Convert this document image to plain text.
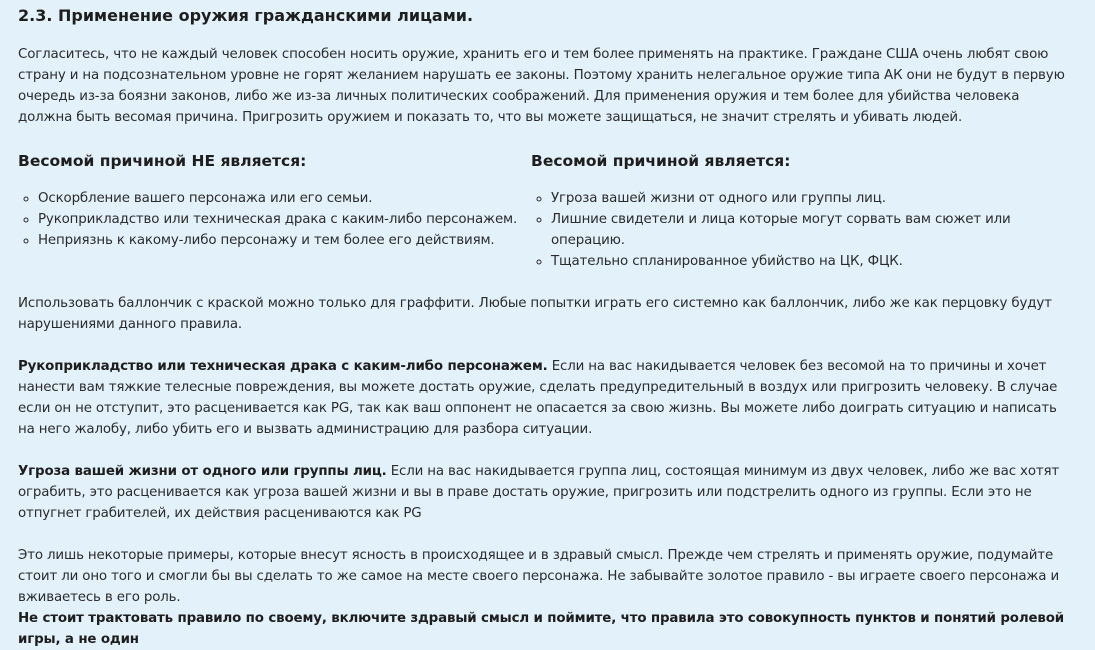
2.3. Применение оружия гражданскими лицами.

Согласитесь, что не каждый человек способен носить оружие, хранить его и тем более применять на практике. Граждане США очень любят свою страну и на подсознательном уровне не горят желанием нарушать ее законы. Поэтому хранить нелегальное оружие типа АК они не будут в первую очередь из-за боязни законов, либо же из-за личных политических соображений. Для применения оружия и тем более для убийства человека должна быть весомая причина. Пригрозить оружием и показать то, что вы можете защищаться, не значит стрелять и убивать людей.

Весомой причиной НЕ является:
◦ Оскорбление вашего персонажа или его семьи.
◦ Рукоприкладство или техническая драка с каким-либо персонажем.
◦ Неприязнь к какому-либо персонажу и тем более его действиям.
Весомой причиной является:
◦ Угроза вашей жизни от одного или группы лиц.
◦ Лишние свидетели и лица которые могут сорвать вам сюжет или операцию.
◦ Тщательно спланированное убийство на ЦК, ФЦК.

Использовать баллончик с краской можно только для граффити. Любые попытки играть его системно как баллончик, либо же как перцовку будут нарушениями данного правила.

Рукоприкладство или техническая драка с каким-либо персонажем. Если на вас накидывается человек без весомой на то причины и хочет нанести вам тяжкие телесные повреждения, вы можете достать оружие, сделать предупредительный в воздух или пригрозить человеку. В случае если он не отступит, это расценивается как PG, так как ваш оппонент не опасается за свою жизнь. Вы можете либо доиграть ситуацию и написать на него жалобу, либо убить его и вызвать администрацию для разбора ситуации.

Угроза вашей жизни от одного или группы лиц. Если на вас накидывается группа лиц, состоящая минимум из двух человек, либо же вас хотят ограбить, это расценивается как угроза вашей жизни и вы в праве достать оружие, пригрозить или подстрелить одного из группы. Если это не отпугнет грабителей, их действия расцениваются как PG

Это лишь некоторые примеры, которые внесут ясность в происходящее и в здравый смысл. Прежде чем стрелять и применять оружие, подумайте стоит ли оно того и смогли бы вы сделать то же самое на месте своего персонажа. Не забывайте золотое правило - вы играете своего персонажа и вживаетесь в его роль.

Не стоит трактовать правило по своему, включите здравый смысл и поймите, что правила это совокупность пунктов и понятий ролевой игры, а не один
